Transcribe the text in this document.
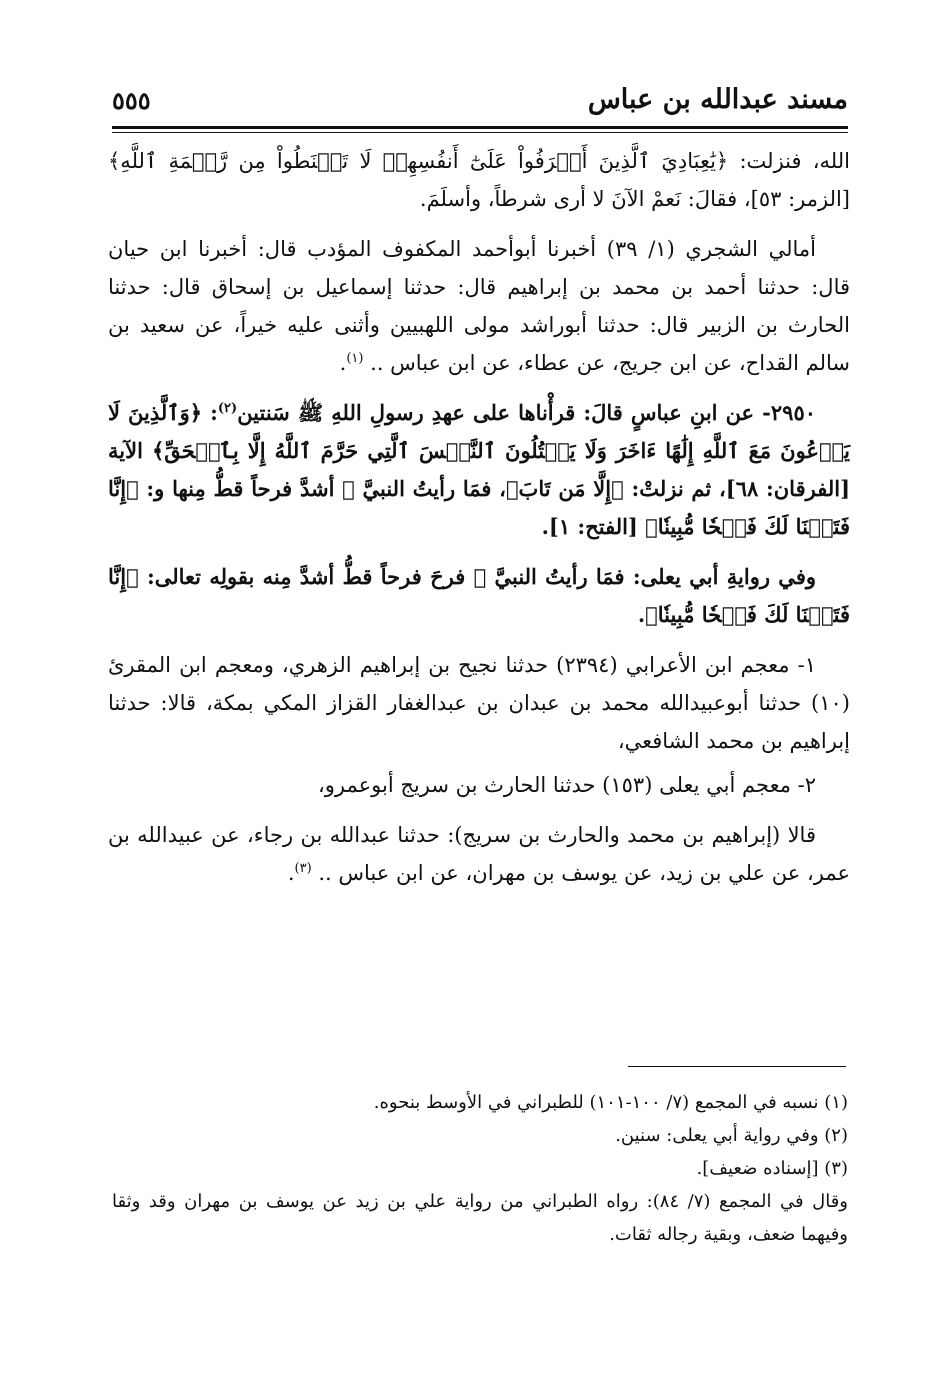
مسند عبدالله بن عباس
٥٥٥

الله، فنزلت: ﴿يَٰعِبَادِيَ ٱلَّذِينَ أَسۡرَفُواْ عَلَىٰٓ أَنفُسِهِمۡ لَا تَقۡنَطُواْ مِن رَّحۡمَةِ ٱللَّهِ﴾ [الزمر: ٥٣]، فقالَ: نَعمْ الآنَ لا أرى شرطاً، وأسلَمَ.

أمالي الشجري (١/ ٣٩) أخبرنا أبوأحمد المكفوف المؤدب قال: أخبرنا ابن حيان قال: حدثنا أحمد بن محمد بن إبراهيم قال: حدثنا إسماعيل بن إسحاق قال: حدثنا الحارث بن الزبير قال: حدثنا أبوراشد مولى اللهبيين وأثنى عليه خيراً، عن سعيد بن سالم القداح، عن ابن جريج، عن عطاء، عن ابن عباس .. $^{(١)}$.

٢٩٥٠- عن ابنِ عباسٍ قالَ: قرأْناها على عهدِ رسولِ اللهِ ﷺ سَنتين$^{(٢)}$: ﴿وَٱلَّذِينَ لَا يَدۡعُونَ مَعَ ٱللَّهِ إِلَٰهًا ءَاخَرَ وَلَا يَقۡتُلُونَ ٱلنَّفۡسَ ٱلَّتِي حَرَّمَ ٱللَّهُ إِلَّا بِٱلۡحَقِّ﴾ الآية [الفرقان: ٦٨]، ثم نزلتْ: ﴿إِلَّا مَن تَابَ﴾، فمَا رأيتُ النبيَّ ﷺ أشدَّ فرحاً قطُّ مِنها و: ﴿إِنَّا فَتَحۡنَا لَكَ فَتۡحٗا مُّبِينٗا﴾ [الفتح: ١].

وفي روايةِ أبي يعلى: فمَا رأيتُ النبيَّ ﷺ فرحَ فرحاً قطُّ أشدَّ مِنه بقولِه تعالى: ﴿إِنَّا فَتَحۡنَا لَكَ فَتۡحٗا مُّبِينٗا﴾.

١- معجم ابن الأعرابي (٢٣٩٤) حدثنا نجيح بن إبراهيم الزهري، ومعجم ابن المقرئ (١٠) حدثنا أبوعبيدالله محمد بن عبدان بن عبدالغفار القزاز المكي بمكة، قالا: حدثنا إبراهيم بن محمد الشافعي،

٢- معجم أبي يعلى (١٥٣) حدثنا الحارث بن سريج أبوعمرو،

قالا (إبراهيم بن محمد والحارث بن سريج): حدثنا عبدالله بن رجاء، عن عبيدالله بن عمر، عن علي بن زيد، عن يوسف بن مهران، عن ابن عباس .. $^{(٣)}$.

(١) نسبه في المجمع (٧/ ١٠٠-١٠١) للطبراني في الأوسط بنحوه.

(٢) وفي رواية أبي يعلى: سنين.

(٣) [إسناده ضعيف].

وقال في المجمع (٧/ ٨٤): رواه الطبراني من رواية علي بن زيد عن يوسف بن مهران وقد وثقا وفيهما ضعف، وبقية رجاله ثقات.
